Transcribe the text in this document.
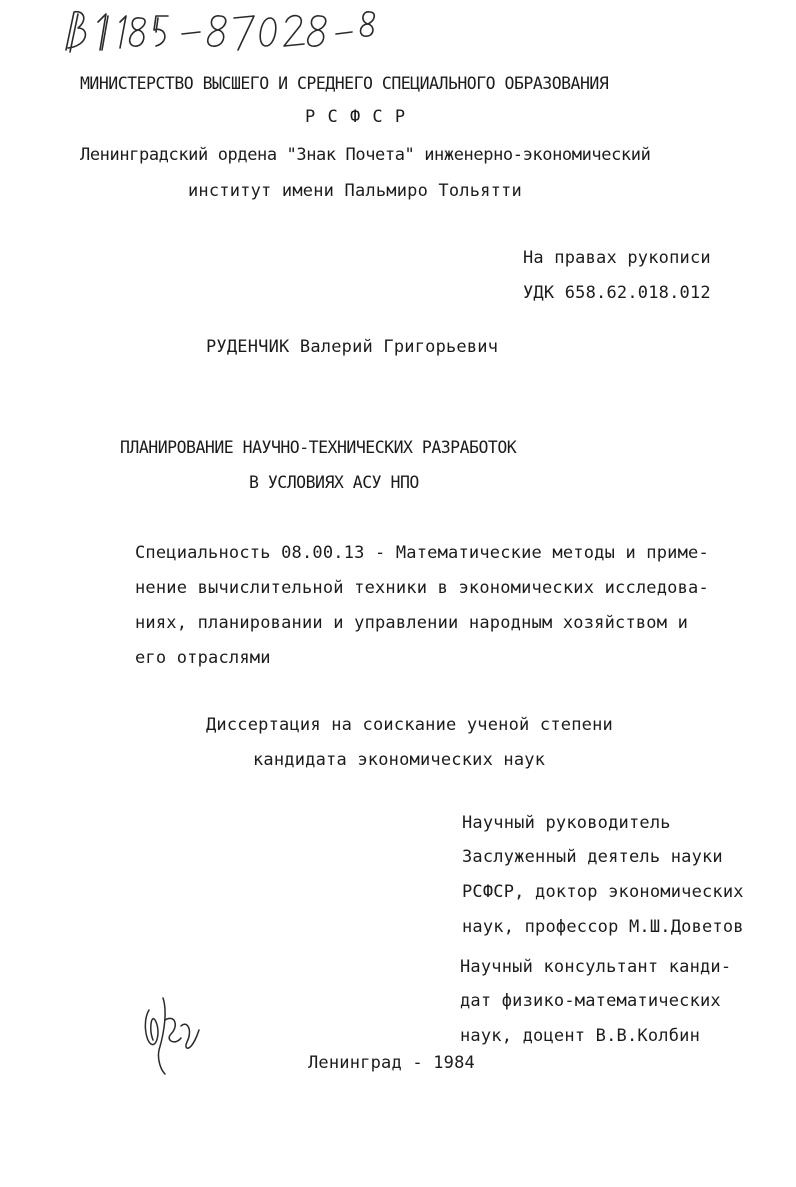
МИНИСТЕРСТВО ВЫСШЕГО И СРЕДНЕГО СПЕЦИАЛЬНОГО ОБРАЗОВАНИЯ
Р С Ф С Р
Ленинградский ордена "Знак Почета" инженерно-экономический
институт имени Пальмиро Тольятти
На правах рукописи
УДК 658.62.018.012
РУДЕНЧИК Валерий Григорьевич
ПЛАНИРОВАНИЕ НАУЧНО-ТЕХНИЧЕСКИХ РАЗРАБОТОК
В УСЛОВИЯХ АСУ НПО
Специальность 08.00.13 - Математические методы и приме-
нение вычислительной техники в экономических исследова-
ниях, планировании и управлении народным хозяйством и
его отраслями
Диссертация на соискание ученой степени
кандидата экономических наук
Научный руководитель
Заслуженный деятель науки
РСФСР, доктор экономических
наук, профессор М.Ш.Доветов
Научный консультант канди-
дат физико-математических
наук, доцент В.В.Колбин
Ленинград - 1984
